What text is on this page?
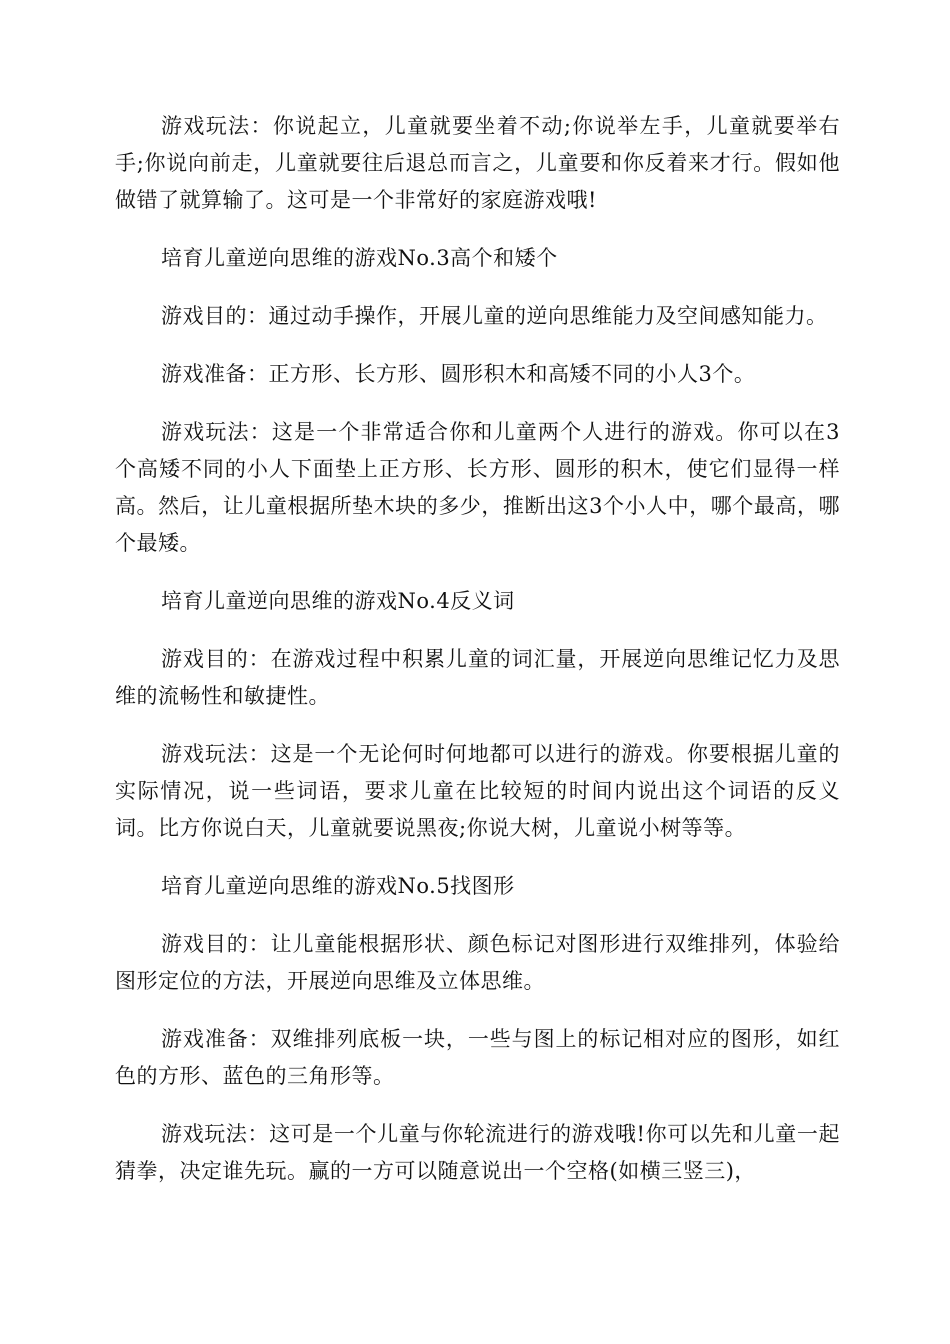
游戏玩法：你说起立，儿童就要坐着不动;你说举左手，儿童就要举右手;你说向前走，儿童就要往后退总而言之，儿童要和你反着来才行。假如他做错了就算输了。这可是一个非常好的家庭游戏哦!

培育儿童逆向思维的游戏No.3高个和矮个

游戏目的：通过动手操作，开展儿童的逆向思维能力及空间感知能力。

游戏准备：正方形、长方形、圆形积木和高矮不同的小人3个。

游戏玩法：这是一个非常适合你和儿童两个人进行的游戏。你可以在3个高矮不同的小人下面垫上正方形、长方形、圆形的积木，使它们显得一样高。然后，让儿童根据所垫木块的多少，推断出这3个小人中，哪个最高，哪个最矮。

培育儿童逆向思维的游戏No.4反义词

游戏目的：在游戏过程中积累儿童的词汇量，开展逆向思维记忆力及思维的流畅性和敏捷性。

游戏玩法：这是一个无论何时何地都可以进行的游戏。你要根据儿童的实际情况，说一些词语，要求儿童在比较短的时间内说出这个词语的反义词。比方你说白天，儿童就要说黑夜;你说大树，儿童说小树等等。

培育儿童逆向思维的游戏No.5找图形

游戏目的：让儿童能根据形状、颜色标记对图形进行双维排列，体验给图形定位的方法，开展逆向思维及立体思维。

游戏准备：双维排列底板一块，一些与图上的标记相对应的图形，如红色的方形、蓝色的三角形等。

游戏玩法：这可是一个儿童与你轮流进行的游戏哦!你可以先和儿童一起猜拳，决定谁先玩。赢的一方可以随意说出一个空格(如横三竖三)，
